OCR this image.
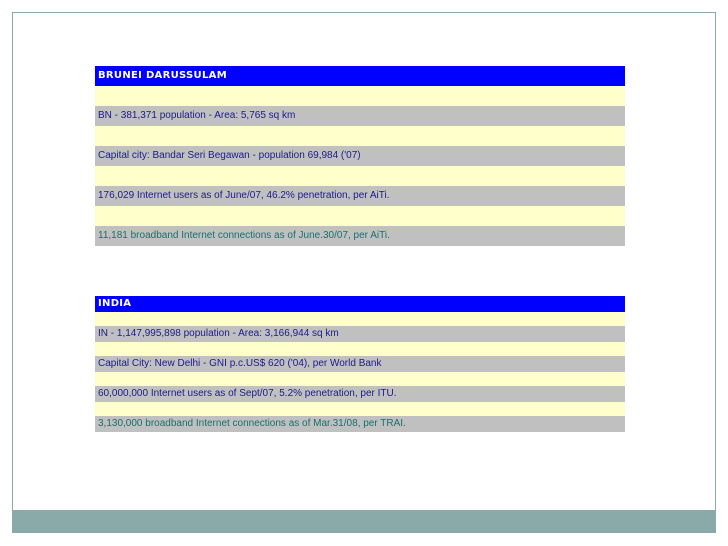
BRUNEI DARUSSULAM
BN - 381,371 population - Area: 5,765 sq km
Capital city: Bandar Seri Begawan - population 69,984 ('07)
176,029 Internet users as of June/07, 46.2% penetration, per AiTi.
11,181 broadband Internet connections as of June.30/07, per AiTi.
INDIA
IN - 1,147,995,898 population - Area: 3,166,944 sq km
Capital City: New Delhi - GNI p.c.US$ 620 ('04), per World Bank
60,000,000 Internet users as of Sept/07, 5.2% penetration, per ITU.
3,130,000 broadband Internet connections as of Mar.31/08, per TRAI.
